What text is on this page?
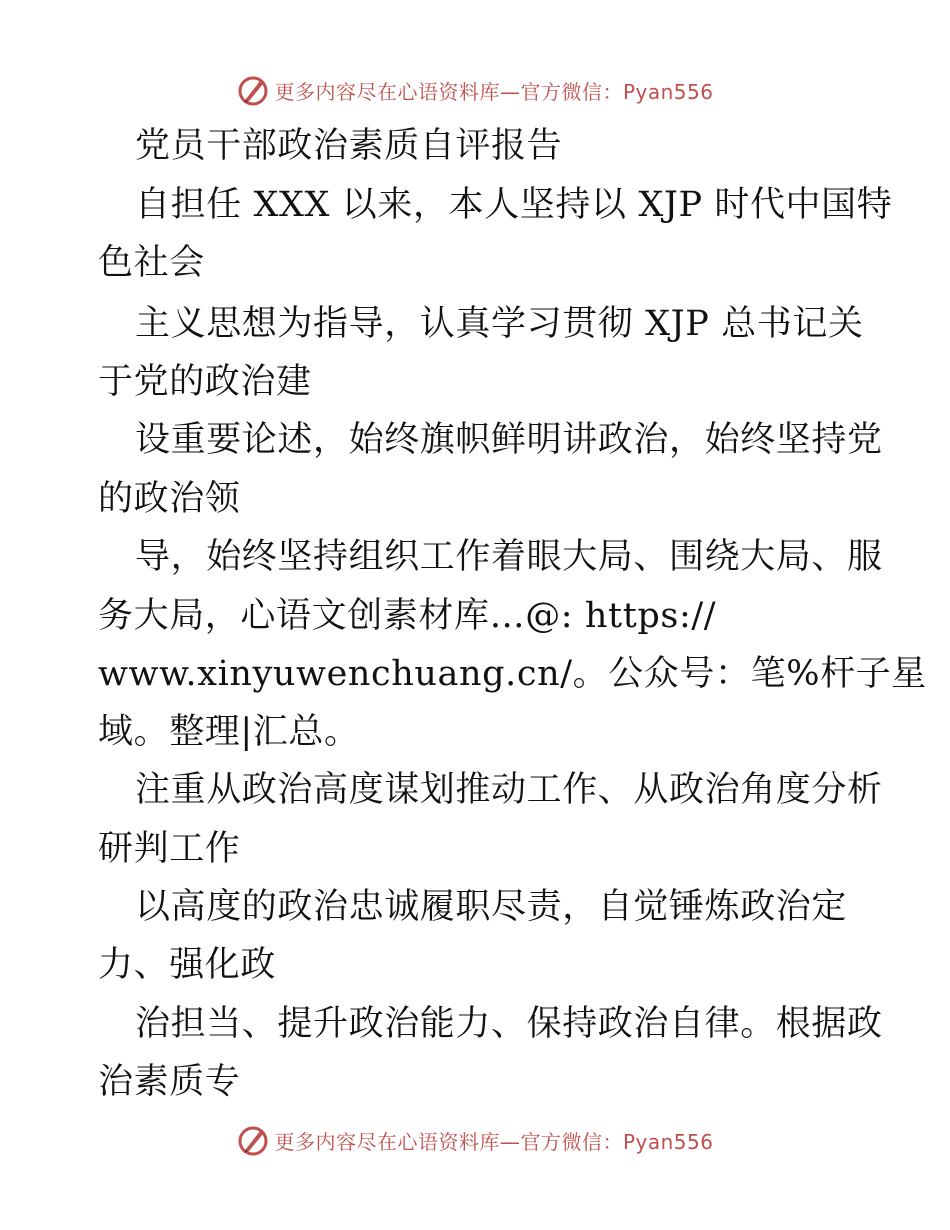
更多内容尽在心语资料库—官方微信：Pyan556
党员干部政治素质自评报告
自担任 XXX 以来，本人坚持以 XJP 时代中国特
色社会
主义思想为指导，认真学习贯彻 XJP 总书记关
于党的政治建
设重要论述，始终旗帜鲜明讲政治，始终坚持党
的政治领
导，始终坚持组织工作着眼大局、围绕大局、服
务大局，心语文创素材库…@: https://
www.xinyuwenchuang.cn/。公众号：笔%杆子星
域。整理|汇总。
注重从政治高度谋划推动工作、从政治角度分析
研判工作
以高度的政治忠诚履职尽责，自觉锤炼政治定
力、强化政
治担当、提升政治能力、保持政治自律。根据政
治素质专
更多内容尽在心语资料库—官方微信：Pyan556
